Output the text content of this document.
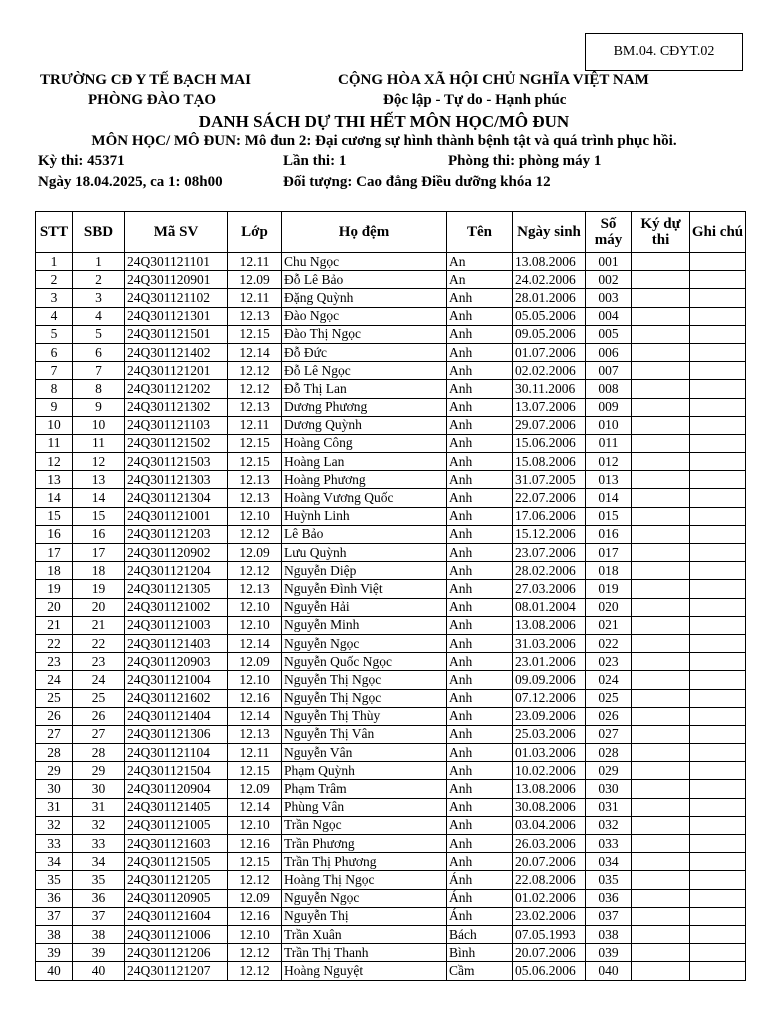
BM.04. CĐYT.02
TRƯỜNG CĐ Y TẾ BẠCH MAI
PHÒNG ĐÀO TẠO
CỘNG HÒA XÃ HỘI CHỦ NGHĨA VIỆT NAM
Độc lập - Tự do - Hạnh phúc
DANH SÁCH DỰ THI HẾT MÔN HỌC/MÔ ĐUN
MÔN HỌC/ MÔ ĐUN: Mô đun 2: Đại cương sự hình thành bệnh tật và quá trình phục hồi.
Kỳ thi: 45371	Lần thi: 1	Phòng thi: phòng máy 1
Ngày 18.04.2025, ca 1: 08h00	Đối tượng: Cao đẳng Điều dưỡng khóa 12
STT	SBD	Mã SV	Lớp	Họ đệm	Tên	Ngày sinh	Số máy	Ký dự thi	Ghi chú
1	1	24Q301121101	12.11	Chu Ngọc	An	13.08.2006	001		
2	2	24Q301120901	12.09	Đỗ Lê Bảo	An	24.02.2006	002		
3	3	24Q301121102	12.11	Đặng Quỳnh	Anh	28.01.2006	003		
4	4	24Q301121301	12.13	Đào Ngọc	Anh	05.05.2006	004		
5	5	24Q301121501	12.15	Đào Thị Ngọc	Anh	09.05.2006	005		
6	6	24Q301121402	12.14	Đỗ Đức	Anh	01.07.2006	006		
7	7	24Q301121201	12.12	Đỗ Lê Ngọc	Anh	02.02.2006	007		
8	8	24Q301121202	12.12	Đỗ Thị Lan	Anh	30.11.2006	008		
9	9	24Q301121302	12.13	Dương Phương	Anh	13.07.2006	009		
10	10	24Q301121103	12.11	Dương Quỳnh	Anh	29.07.2006	010		
11	11	24Q301121502	12.15	Hoàng Công	Anh	15.06.2006	011		
12	12	24Q301121503	12.15	Hoàng Lan	Anh	15.08.2006	012		
13	13	24Q301121303	12.13	Hoàng Phương	Anh	31.07.2005	013		
14	14	24Q301121304	12.13	Hoàng Vương Quốc	Anh	22.07.2006	014		
15	15	24Q301121001	12.10	Huỳnh Linh	Anh	17.06.2006	015		
16	16	24Q301121203	12.12	Lê Bảo	Anh	15.12.2006	016		
17	17	24Q301120902	12.09	Lưu Quỳnh	Anh	23.07.2006	017		
18	18	24Q301121204	12.12	Nguyễn Diệp	Anh	28.02.2006	018		
19	19	24Q301121305	12.13	Nguyễn Đình Việt	Anh	27.03.2006	019		
20	20	24Q301121002	12.10	Nguyễn Hải	Anh	08.01.2004	020		
21	21	24Q301121003	12.10	Nguyễn Minh	Anh	13.08.2006	021		
22	22	24Q301121403	12.14	Nguyễn Ngọc	Anh	31.03.2006	022		
23	23	24Q301120903	12.09	Nguyễn Quốc Ngọc	Anh	23.01.2006	023		
24	24	24Q301121004	12.10	Nguyễn Thị Ngọc	Anh	09.09.2006	024		
25	25	24Q301121602	12.16	Nguyễn Thị Ngọc	Anh	07.12.2006	025		
26	26	24Q301121404	12.14	Nguyễn Thị Thùy	Anh	23.09.2006	026		
27	27	24Q301121306	12.13	Nguyễn Thị Vân	Anh	25.03.2006	027		
28	28	24Q301121104	12.11	Nguyễn Vân	Anh	01.03.2006	028		
29	29	24Q301121504	12.15	Phạm Quỳnh	Anh	10.02.2006	029		
30	30	24Q301120904	12.09	Phạm Trâm	Anh	13.08.2006	030		
31	31	24Q301121405	12.14	Phùng Vân	Anh	30.08.2006	031		
32	32	24Q301121005	12.10	Trần Ngọc	Anh	03.04.2006	032		
33	33	24Q301121603	12.16	Trần Phương	Anh	26.03.2006	033		
34	34	24Q301121505	12.15	Trần Thị Phương	Anh	20.07.2006	034		
35	35	24Q301121205	12.12	Hoàng Thị Ngọc	Ánh	22.08.2006	035		
36	36	24Q301120905	12.09	Nguyễn Ngọc	Ánh	01.02.2006	036		
37	37	24Q301121604	12.16	Nguyễn Thị	Ánh	23.02.2006	037		
38	38	24Q301121006	12.10	Trần Xuân	Bách	07.05.1993	038		
39	39	24Q301121206	12.12	Trần Thị Thanh	Bình	20.07.2006	039		
40	40	24Q301121207	12.12	Hoàng Nguyệt	Cầm	05.06.2006	040		
